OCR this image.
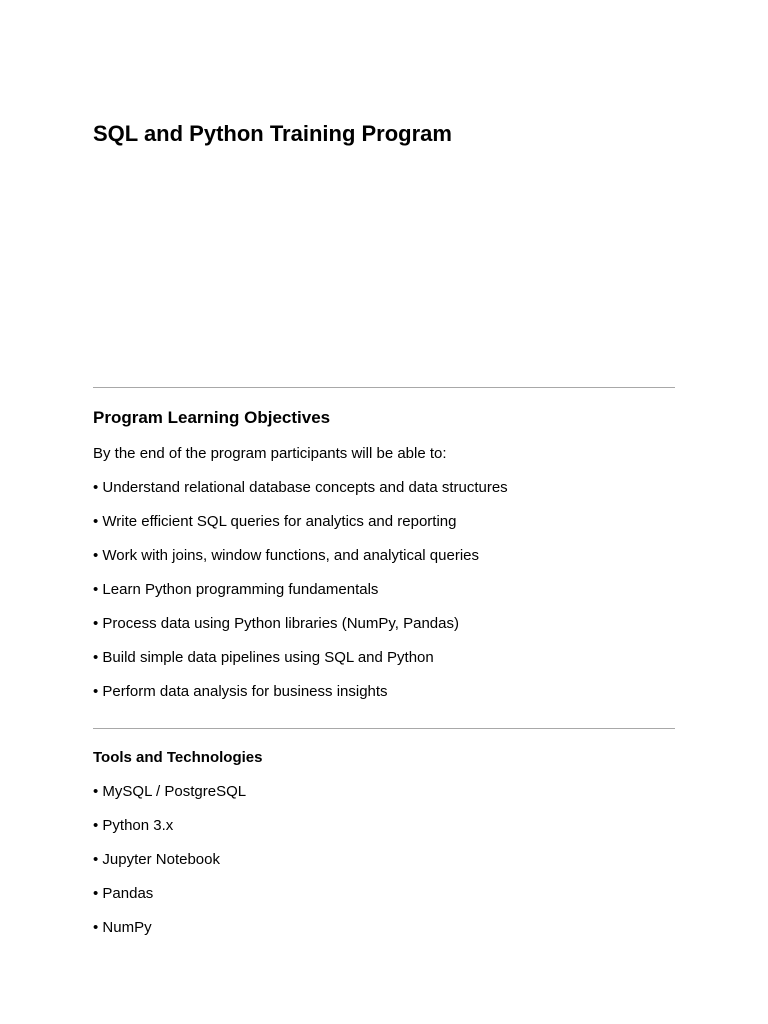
SQL and Python Training Program
Program Learning Objectives

By the end of the program participants will be able to:

• Understand relational database concepts and data structures
• Write efficient SQL queries for analytics and reporting
• Work with joins, window functions, and analytical queries
• Learn Python programming fundamentals
• Process data using Python libraries (NumPy, Pandas)
• Build simple data pipelines using SQL and Python
• Perform data analysis for business insights
Tools and Technologies
• MySQL / PostgreSQL
• Python 3.x
• Jupyter Notebook
• Pandas
• NumPy
